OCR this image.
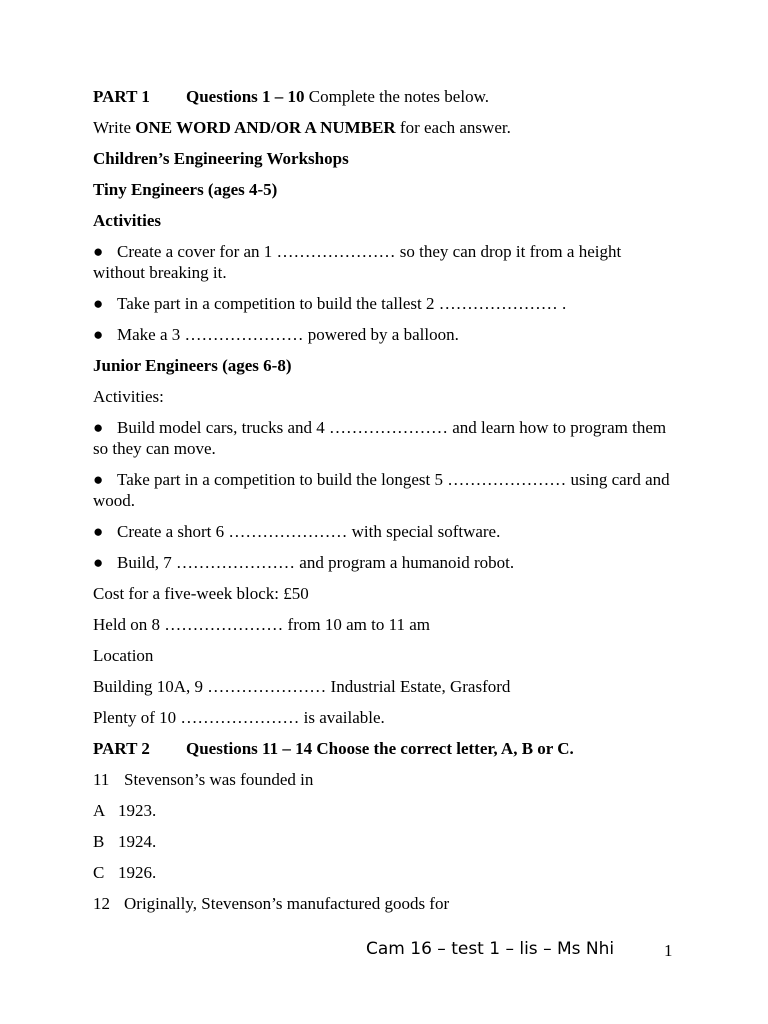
PART 1 Questions 1 – 10 Complete the notes below.
Write ONE WORD AND/OR A NUMBER for each answer.
Children’s Engineering Workshops
Tiny Engineers (ages 4-5)
Activities
● Create a cover for an 1 ………………… so they can drop it from a height without breaking it.
● Take part in a competition to build the tallest 2 ………………… .
● Make a 3 ………………… powered by a balloon.
Junior Engineers (ages 6-8)
Activities:
● Build model cars, trucks and 4 ………………… and learn how to program them so they can move.
● Take part in a competition to build the longest 5 ………………… using card and wood.
● Create a short 6 ………………… with special software.
● Build, 7 ………………… and program a humanoid robot.
Cost for a five-week block: £50
Held on 8 ………………… from 10 am to 11 am
Location
Building 10A, 9 ………………… Industrial Estate, Grasford
Plenty of 10 ………………… is available.
PART 2 Questions 11 – 14 Choose the correct letter, A, B or C.
11 Stevenson’s was founded in
A 1923.
B 1924.
C 1926.
12 Originally, Stevenson’s manufactured goods for
Cam 16 – test 1 – lis – Ms Nhi	1
